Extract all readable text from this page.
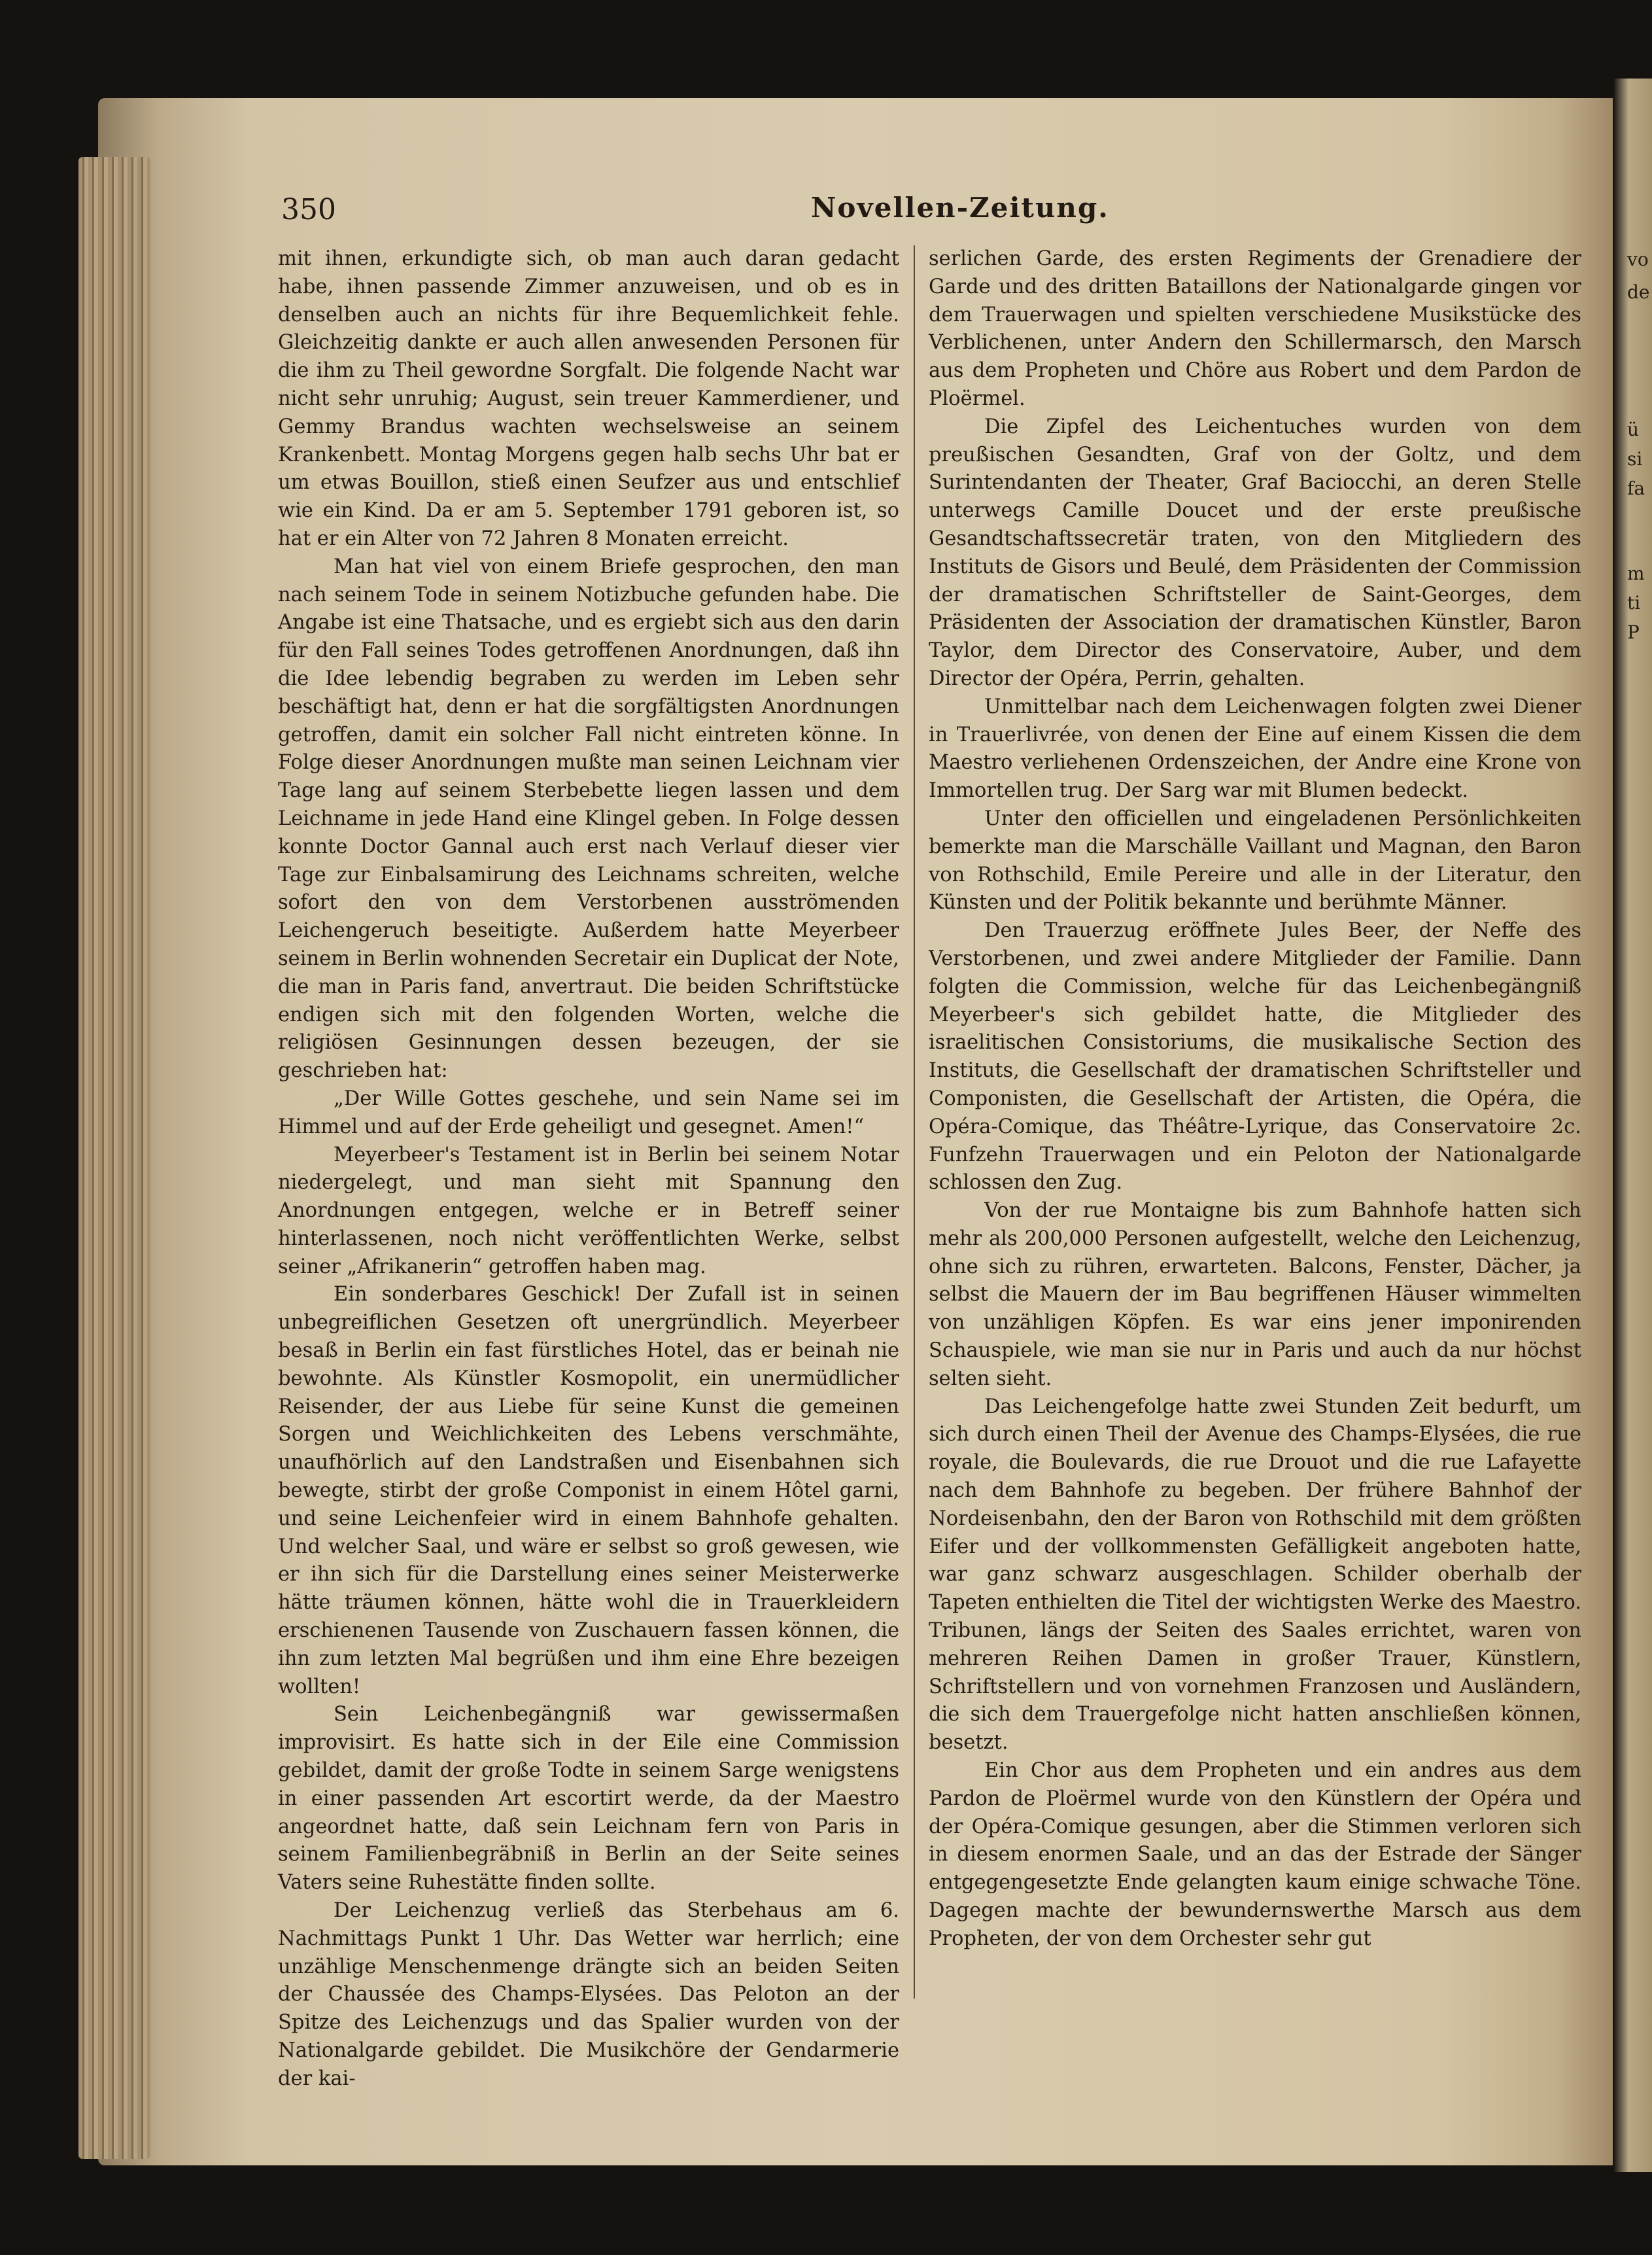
vo
de
ü
si
fa
m
ti
P
350	Novellen-Zeitung.

mit ihnen, erkundigte sich, ob man auch daran gedacht habe, ihnen passende Zimmer anzuweisen, und ob es in denselben auch an nichts für ihre Bequemlichkeit fehle. Gleichzeitig dankte er auch allen anwesenden Personen für die ihm zu Theil gewordne Sorgfalt. Die folgende Nacht war nicht sehr unruhig; August, sein treuer Kammerdiener, und Gemmy Brandus wachten wechselsweise an seinem Krankenbett. Montag Morgens gegen halb sechs Uhr bat er um etwas Bouillon, stieß einen Seufzer aus und entschlief wie ein Kind. Da er am 5. September 1791 geboren ist, so hat er ein Alter von 72 Jahren 8 Monaten erreicht.

Man hat viel von einem Briefe gesprochen, den man nach seinem Tode in seinem Notizbuche gefunden habe. Die Angabe ist eine Thatsache, und es ergiebt sich aus den darin für den Fall seines Todes getroffenen Anordnungen, daß ihn die Idee lebendig begraben zu werden im Leben sehr beschäftigt hat, denn er hat die sorgfältigsten Anordnungen getroffen, damit ein solcher Fall nicht eintreten könne. In Folge dieser Anordnungen mußte man seinen Leichnam vier Tage lang auf seinem Sterbebette liegen lassen und dem Leichname in jede Hand eine Klingel geben. In Folge dessen konnte Doctor Gannal auch erst nach Verlauf dieser vier Tage zur Einbalsamirung des Leichnams schreiten, welche sofort den von dem Verstorbenen ausströmenden Leichengeruch beseitigte. Außerdem hatte Meyerbeer seinem in Berlin wohnenden Secretair ein Duplicat der Note, die man in Paris fand, anvertraut. Die beiden Schriftstücke endigen sich mit den folgenden Worten, welche die religiösen Gesinnungen dessen bezeugen, der sie geschrieben hat:

„Der Wille Gottes geschehe, und sein Name sei im Himmel und auf der Erde geheiligt und gesegnet. Amen!“

Meyerbeer's Testament ist in Berlin bei seinem Notar niedergelegt, und man sieht mit Spannung den Anordnungen entgegen, welche er in Betreff seiner hinterlassenen, noch nicht veröffentlichten Werke, selbst seiner „Afrikanerin“ getroffen haben mag.

Ein sonderbares Geschick! Der Zufall ist in seinen unbegreiflichen Gesetzen oft unergründlich. Meyerbeer besaß in Berlin ein fast fürstliches Hotel, das er beinah nie bewohnte. Als Künstler Kosmopolit, ein unermüdlicher Reisender, der aus Liebe für seine Kunst die gemeinen Sorgen und Weichlichkeiten des Lebens verschmähte, unaufhörlich auf den Landstraßen und Eisenbahnen sich bewegte, stirbt der große Componist in einem Hôtel garni, und seine Leichenfeier wird in einem Bahnhofe gehalten. Und welcher Saal, und wäre er selbst so groß gewesen, wie er ihn sich für die Darstellung eines seiner Meisterwerke hätte träumen können, hätte wohl die in Trauerkleidern erschienenen Tausende von Zuschauern fassen können, die ihn zum letzten Mal begrüßen und ihm eine Ehre bezeigen wollten!

Sein Leichenbegängniß war gewissermaßen improvisirt. Es hatte sich in der Eile eine Commission gebildet, damit der große Todte in seinem Sarge wenigstens in einer passenden Art escortirt werde, da der Maestro angeordnet hatte, daß sein Leichnam fern von Paris in seinem Familienbegräbniß in Berlin an der Seite seines Vaters seine Ruhestätte finden sollte.

Der Leichenzug verließ das Sterbehaus am 6. Nachmittags Punkt 1 Uhr. Das Wetter war herrlich; eine unzählige Menschenmenge drängte sich an beiden Seiten der Chaussée des Champs-Elysées. Das Peloton an der Spitze des Leichenzugs und das Spalier wurden von der Nationalgarde gebildet. Die Musikchöre der Gendarmerie der kai-

serlichen Garde, des ersten Regiments der Grenadiere der Garde und des dritten Bataillons der Nationalgarde gingen vor dem Trauerwagen und spielten verschiedene Musikstücke des Verblichenen, unter Andern den Schillermarsch, den Marsch aus dem Propheten und Chöre aus Robert und dem Pardon de Ploërmel.

Die Zipfel des Leichentuches wurden von dem preußischen Gesandten, Graf von der Goltz, und dem Surintendanten der Theater, Graf Baciocchi, an deren Stelle unterwegs Camille Doucet und der erste preußische Gesandtschaftssecretär traten, von den Mitgliedern des Instituts de Gisors und Beulé, dem Präsidenten der Commission der dramatischen Schriftsteller de Saint-Georges, dem Präsidenten der Association der dramatischen Künstler, Baron Taylor, dem Director des Conservatoire, Auber, und dem Director der Opéra, Perrin, gehalten.

Unmittelbar nach dem Leichenwagen folgten zwei Diener in Trauerlivrée, von denen der Eine auf einem Kissen die dem Maestro verliehenen Ordenszeichen, der Andre eine Krone von Immortellen trug. Der Sarg war mit Blumen bedeckt.

Unter den officiellen und eingeladenen Persönlichkeiten bemerkte man die Marschälle Vaillant und Magnan, den Baron von Rothschild, Emile Pereire und alle in der Literatur, den Künsten und der Politik bekannte und berühmte Männer.

Den Trauerzug eröffnete Jules Beer, der Neffe des Verstorbenen, und zwei andere Mitglieder der Familie. Dann folgten die Commission, welche für das Leichenbegängniß Meyerbeer's sich gebildet hatte, die Mitglieder des israelitischen Consistoriums, die musikalische Section des Instituts, die Gesellschaft der dramatischen Schriftsteller und Componisten, die Gesellschaft der Artisten, die Opéra, die Opéra-Comique, das Théâtre-Lyrique, das Conservatoire 2c. Funfzehn Trauerwagen und ein Peloton der Nationalgarde schlossen den Zug.

Von der rue Montaigne bis zum Bahnhofe hatten sich mehr als 200,000 Personen aufgestellt, welche den Leichenzug, ohne sich zu rühren, erwarteten. Balcons, Fenster, Dächer, ja selbst die Mauern der im Bau begriffenen Häuser wimmelten von unzähligen Köpfen. Es war eins jener imponirenden Schauspiele, wie man sie nur in Paris und auch da nur höchst selten sieht.

Das Leichengefolge hatte zwei Stunden Zeit bedurft, um sich durch einen Theil der Avenue des Champs-Elysées, die rue royale, die Boulevards, die rue Drouot und die rue Lafayette nach dem Bahnhofe zu begeben. Der frühere Bahnhof der Nordeisenbahn, den der Baron von Rothschild mit dem größten Eifer und der vollkommensten Gefälligkeit angeboten hatte, war ganz schwarz ausgeschlagen. Schilder oberhalb der Tapeten enthielten die Titel der wichtigsten Werke des Maestro. Tribunen, längs der Seiten des Saales errichtet, waren von mehreren Reihen Damen in großer Trauer, Künstlern, Schriftstellern und von vornehmen Franzosen und Ausländern, die sich dem Trauergefolge nicht hatten anschließen können, besetzt.

Ein Chor aus dem Propheten und ein andres aus dem Pardon de Ploërmel wurde von den Künstlern der Opéra und der Opéra-Comique gesungen, aber die Stimmen verloren sich in diesem enormen Saale, und an das der Estrade der Sänger entgegengesetzte Ende gelangten kaum einige schwache Töne. Dagegen machte der bewundernswerthe Marsch aus dem Propheten, der von dem Orchester sehr gut
